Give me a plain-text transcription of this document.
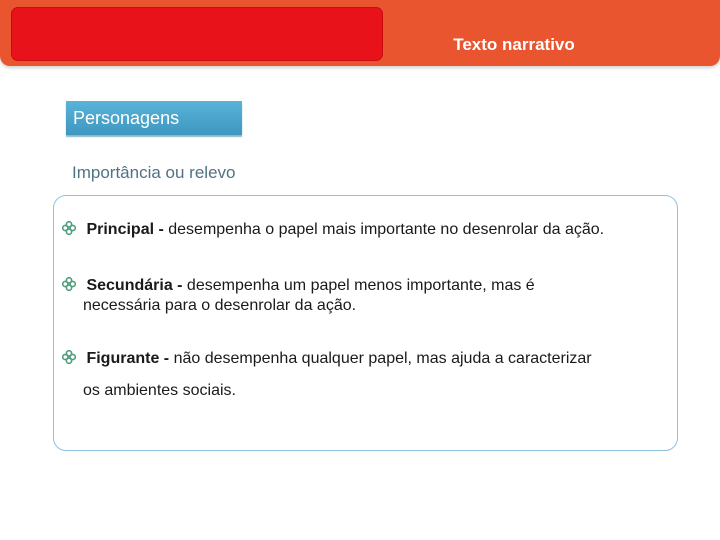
Texto narrativo
Personagens
Importância ou relevo
Principal - desempenha o papel mais importante no desenrolar da ação.
Secundária - desempenha um papel menos importante, mas é
necessária para o desenrolar da ação.
Figurante - não desempenha qualquer papel, mas ajuda a caracterizar
os ambientes sociais.
